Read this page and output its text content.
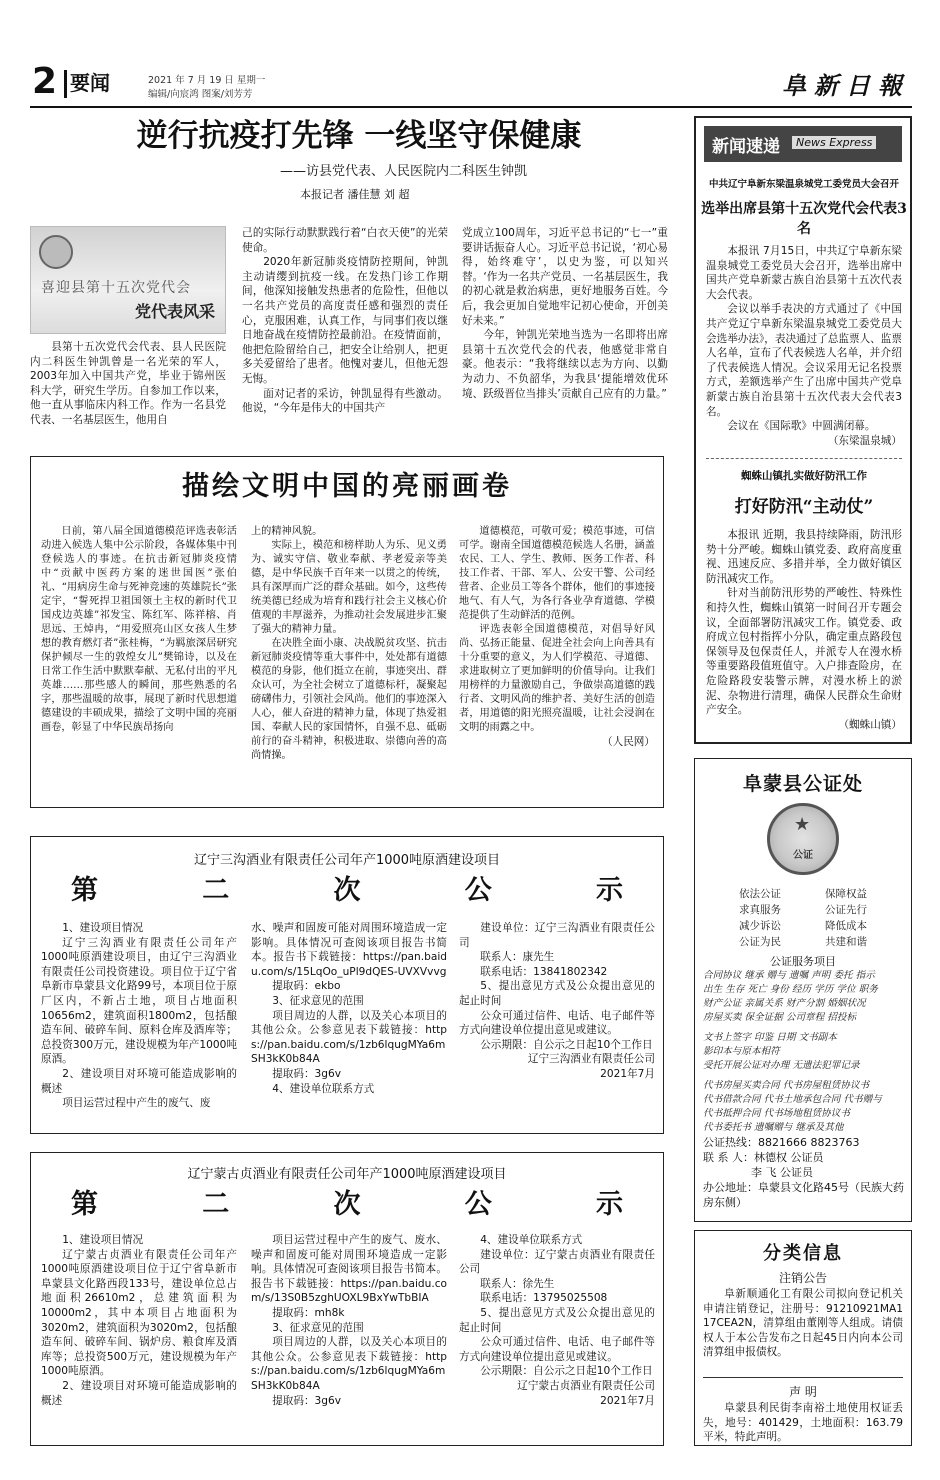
2 要闻	2021 年 7 月 19 日 星期一
编辑/向宸鸿 图案/刘芳芳	阜新日報
逆行抗疫打先锋 一线坚守保健康
——访县党代表、人民医院内二科医生钟凯
本报记者 潘佳慧 刘 超
喜迎县第十五次党代会
党代表风采

县第十五次党代会代表、县人民医院内二科医生钟凯曾是一名光荣的军人，2003年加入中国共产党，毕业于锦州医科大学，研究生学历。自参加工作以来，他一直从事临床内科工作。作为一名县党代表、一名基层医生，他用自

己的实际行动默默践行着“白衣天使”的光荣使命。

2020年新冠肺炎疫情防控期间，钟凯主动请缨到抗疫一线。在发热门诊工作期间，他深知接触发热患者的危险性，但他以一名共产党员的高度责任感和强烈的责任心，克服困难，认真工作，与同事们夜以继日地奋战在疫情防控最前沿。在疫情面前，他把危险留给自己，把安全让给别人，把更多关爱留给了患者。他愧对妻儿，但他无怨无悔。

面对记者的采访，钟凯显得有些激动。他说，“今年是伟大的中国共产

党成立100周年，习近平总书记的“七一”重要讲话振奋人心。习近平总书记说，‘初心易得，始终难守’，以史为鉴，可以知兴替。‘作为一名共产党员、一名基层医生，我的初心就是救治病患，更好地服务百姓。今后，我会更加自觉地牢记初心使命，开创美好未来。”

今年，钟凯光荣地当选为一名即将出席县第十五次党代会的代表，他感觉非常自豪。他表示：“我将继续以志为方向、以勤为动力、不负韶华，为我县‘提能增效优环境、跃级晋位当排头’贡献自己应有的力量。”

新闻速递	News Express
中共辽宁阜新东梁温泉城党工委党员大会召开
选举出席县第十五次党代会代表3名

本报讯 7月15日，中共辽宁阜新东梁温泉城党工委党员大会召开，选举出席中国共产党阜新蒙古族自治县第十五次代表大会代表。

会议以举手表决的方式通过了《中国共产党辽宁阜新东梁温泉城党工委党员大会选举办法》，表决通过了总监票人、监票人名单，宣布了代表候选人名单，并介绍了代表候选人情况。会议采用无记名投票方式，差额选举产生了出席中国共产党阜新蒙古族自治县第十五次代表大会代表3名。

会议在《国际歌》中圆满闭幕。

（东梁温泉城）
蜘蛛山镇扎实做好防汛工作
打好防汛“主动仗”

本报讯 近期，我县持续降雨，防汛形势十分严峻。蜘蛛山镇党委、政府高度重视、迅速反应、多措并举，全力做好镇区防汛减灾工作。

针对当前防汛形势的严峻性、特殊性和持久性，蜘蛛山镇第一时间召开专题会议，全面部署防汛减灾工作。镇党委、政府成立包村指挥小分队，确定重点路段包保领导及包保责任人，并派专人在漫水桥等重要路段值班值守。入户排查险房，在危险路段安装警示牌，对漫水桥上的淤泥、杂物进行清理，确保人民群众生命财产安全。

（蜘蛛山镇）
描绘文明中国的亮丽画卷

日前，第八届全国道德模范评选表彰活动进入候选人集中公示阶段，各媒体集中刊登候选人的事迹。在抗击新冠肺炎疫情中“贡献中医药方案的迷世国医”张伯礼、“用病房生命与死神竞速的英雄院长”张定宇，“誓死捍卫祖国领土主权的新时代卫国戍边英雄”祁发宝、陈红军、陈祥榕、肖思远、王焯冉，“用爱照亮山区女孩人生梦想的教育燃灯者”张桂梅，“为羁旅深居研究保护倾尽一生的敦煌女儿”樊锦诗，以及在日常工作生活中默默奉献、无私付出的平凡英雄……那些感人的瞬间，那些熟悉的名字，那些温暖的故事，展现了新时代思想道德建设的丰硕成果，描绘了文明中国的亮丽画卷，彰显了中华民族昂扬向

上的精神风貌。

实际上，模范和榜样助人为乐、见义勇为、诚实守信、敬业奉献、孝老爱亲等美德，是中华民族千百年来一以贯之的传统，具有深厚而广泛的群众基础。如今，这些传统美德已经成为培育和践行社会主义核心价值观的丰厚滋养，为推动社会发展进步汇聚了强大的精神力量。

在决胜全面小康、决战脱贫攻坚、抗击新冠肺炎疫情等重大事件中，处处都有道德模范的身影，他们挺立在前，事迹突出、群众认可，为全社会树立了道德标杆，凝聚起磅礴伟力，引领社会风尚。他们的事迹深入人心，催人奋进的精神力量，体现了热爱祖国、奉献人民的家国情怀，自强不息、砥砺前行的奋斗精神，积极进取、崇德向善的高尚情操。

道德模范，可敬可爱；模范事迹，可信可学。谢南全国道德模范候选人名册，涵盖农民、工人、学生、教师、医务工作者、科技工作者、干部、军人、公安干警、公司经营者、企业员工等各个群体，他们的事迹接地气、有人气，为各行各业孕育道德、学模范提供了生动鲜活的范例。

评选表彰全国道德模范，对倡导好风尚、弘扬正能量、促进全社会向上向善具有十分重要的意义，为人们学模范、寻道德、求进取树立了更加鲜明的价值导向。让我们用榜样的力量激励自己，争做崇高道德的践行者、文明风尚的维护者、美好生活的创造者，用道德的阳光照亮温暖，让社会浸润在文明的雨露之中。

（人民网）
辽宁三沟酒业有限责任公司年产1000吨原酒建设项目
第	二	次	公	示

1、建设项目情况

辽宁三沟酒业有限责任公司年产1000吨原酒建设项目，由辽宁三沟酒业有限责任公司投资建设。项目位于辽宁省阜新市阜蒙县文化路99号，本项目位于原厂区内，不新占土地，项目占地面积10656m2，建筑面积1800m2，包括酿造车间、破碎车间、原料仓库及酒库等；总投资300万元，建设规模为年产1000吨原酒。

2、建设项目对环境可能造成影响的概述

项目运营过程中产生的废气、废

水、噪声和固废可能对周围环境造成一定影响。具体情况可查阅该项目报告书简本。报告书下载链接：https://pan.baidu.com/s/15LqOo_uPl9dQES-UVXVvvg

提取码：ekbo

3、征求意见的范围

项目周边的人群，以及关心本项目的其他公众。公参意见表下载链接：https://pan.baidu.com/s/1zb6lqugMYa6mSH3kK0b84A

提取码：3g6v

4、建设单位联系方式

建设单位：辽宁三沟酒业有限责任公司

联系人：康先生

联系电话：13841802342

5、提出意见方式及公众提出意见的起止时间

公众可通过信件、电话、电子邮件等方式向建设单位提出意见或建议。

公示期限：自公示之日起10个工作日

辽宁三沟酒业有限责任公司
2021年7月
辽宁蒙古贞酒业有限责任公司年产1000吨原酒建设项目
第	二	次	公	示

1、建设项目情况

辽宁蒙古贞酒业有限责任公司年产1000吨原酒建设项目位于辽宁省阜新市阜蒙县文化路西段133号，建设单位总占地面积26610m2，总建筑面积为10000m2，其中本项目占地面积为3020m2，建筑面积为3020m2，包括酿造车间、破碎车间、锅炉房、粮食库及酒库等；总投资500万元，建设规模为年产1000吨原酒。

2、建设项目对环境可能造成影响的概述

项目运营过程中产生的废气、废水、噪声和固废可能对周围环境造成一定影响。具体情况可查阅该项目报告书简本。报告书下载链接：https://pan.baidu.com/s/13S0B5zghUOXL9BxYwTbBIA

提取码：mh8k

3、征求意见的范围

项目周边的人群，以及关心本项目的其他公众。公参意见表下载链接：https://pan.baidu.com/s/1zb6lqugMYa6mSH3kK0b84A

提取码：3g6v

4、建设单位联系方式

建设单位：辽宁蒙古贞酒业有限责任公司

联系人：徐先生

联系电话：13795025508

5、提出意见方式及公众提出意见的起止时间

公众可通过信件、电话、电子邮件等方式向建设单位提出意见或建议。

公示期限：自公示之日起10个工作日

辽宁蒙古贞酒业有限责任公司
2021年7月
阜蒙县公证处
★
公证
依法公证	保障权益
求真服务	公证先行
减少诉讼	降低成本
公证为民	共建和谐
公证服务项目
合同协议 继承 赠与 遗嘱 声明 委托 指示
出生 生存 死亡 身份 经历 学历 学位 职务
财产公证 亲属关系 财产分割 婚姻状况
房屋买卖 保全证据 公司章程 招投标
文书上签字 印鉴 日期 文书副本
影印本与原本相符
受托开展公证对办理 无遗法犯罪记录
代书房屋买卖合同 代书房屋租赁协议书
代书借款合同 代书土地承包合同 代书赠与
代书抵押合同 代书场地租赁协议书
代书委托书 遗嘱赠与 继承及其他
公证热线：8821666 8823763
联 系 人：林德权 公证员
李 飞 公证员
办公地址：阜蒙县文化路45号（民族大药房东侧）
分类信息
注销公告

阜新顺通化工有限公司拟向登记机关申请注销登记，注册号：91210921MA117CEA2N，清算组由董刚等人组成。请债权人于本公告发布之日起45日内向本公司清算组申报债权。

声 明

阜蒙县利民街李南裕土地使用权证丢失，地号：401429，土地面积：163.79平米，特此声明。
